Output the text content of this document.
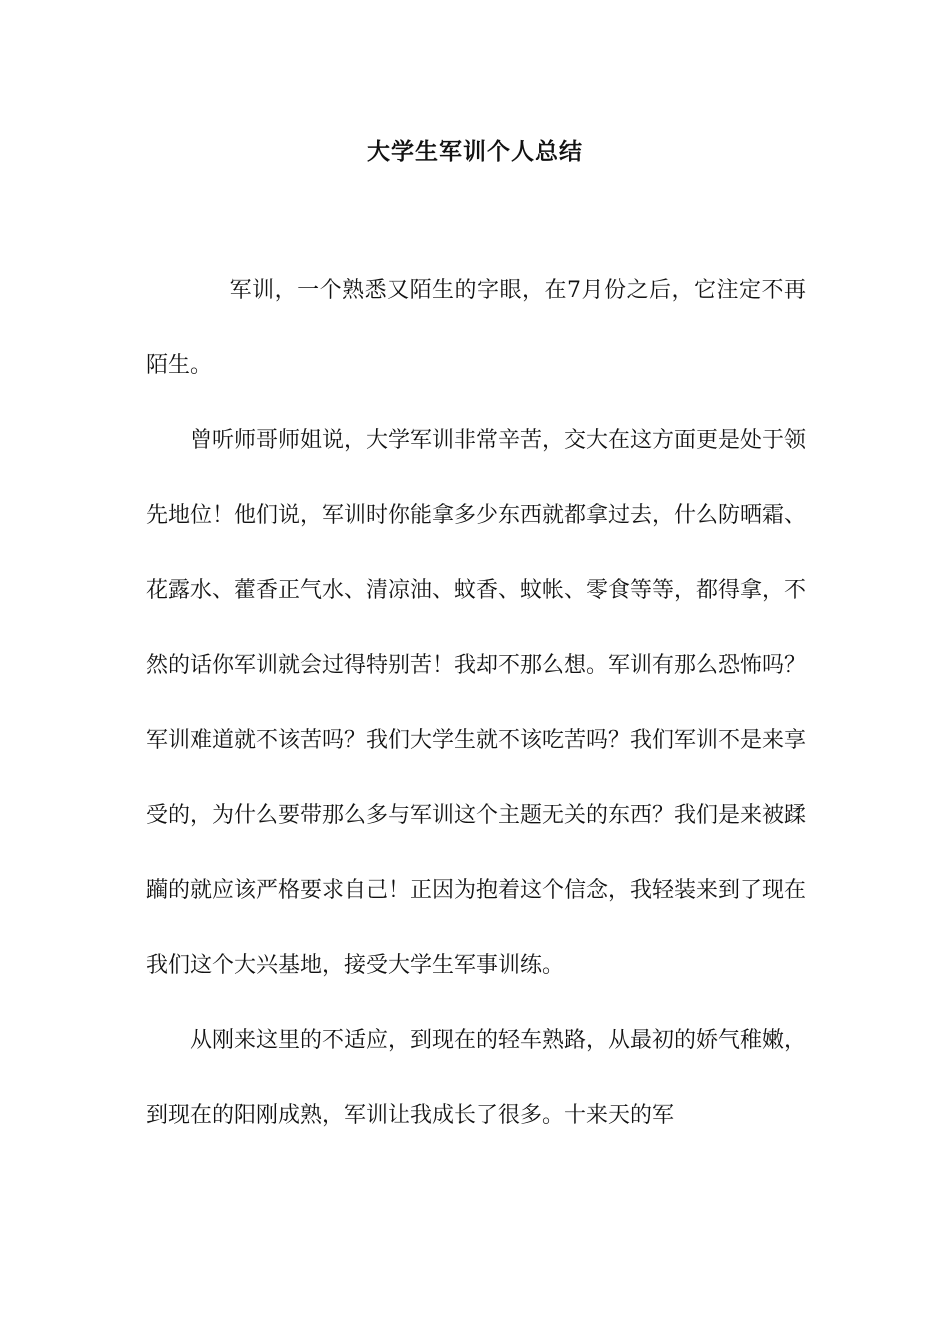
大学生军训个人总结

军训，一个熟悉又陌生的字眼，在7月份之后，它注定不再陌生。

曾听师哥师姐说，大学军训非常辛苦，交大在这方面更是处于领先地位！他们说，军训时你能拿多少东西就都拿过去，什么防晒霜、花露水、藿香正气水、清凉油、蚊香、蚊帐、零食等等，都得拿，不然的话你军训就会过得特别苦！我却不那么想。军训有那么恐怖吗？军训难道就不该苦吗？我们大学生就不该吃苦吗？我们军训不是来享受的，为什么要带那么多与军训这个主题无关的东西？我们是来被蹂躏的就应该严格要求自己！正因为抱着这个信念，我轻装来到了现在我们这个大兴基地，接受大学生军事训练。

从刚来这里的不适应，到现在的轻车熟路，从最初的娇气稚嫩，到现在的阳刚成熟，军训让我成长了很多。十来天的军
